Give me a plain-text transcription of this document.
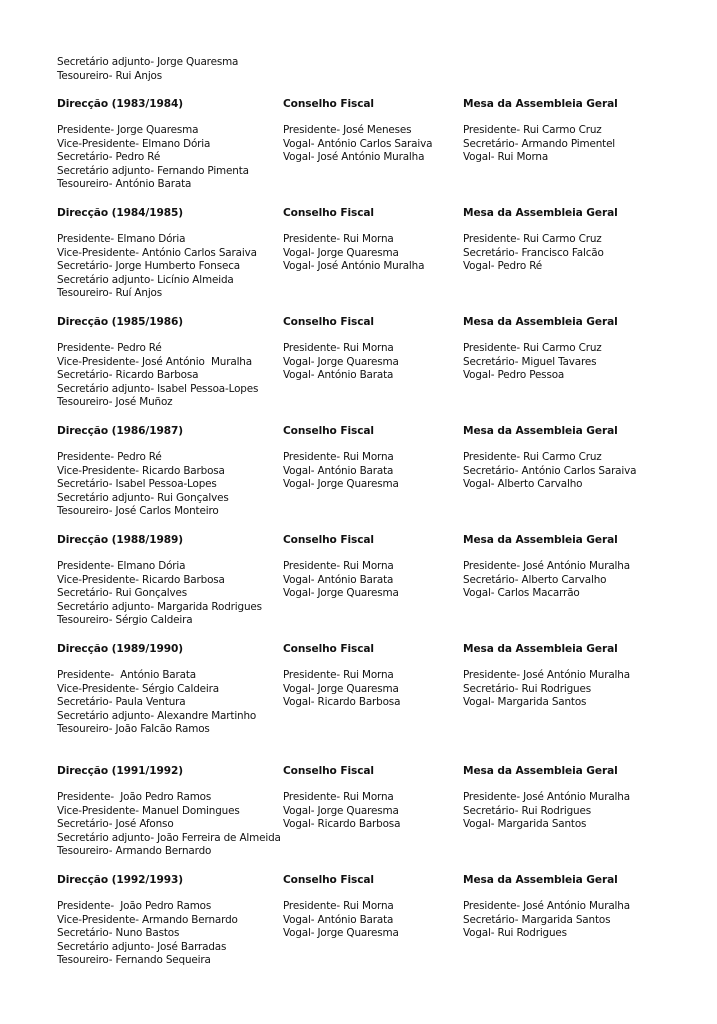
Secretário adjunto- Jorge Quaresma
Tesoureiro- Rui Anjos
Direcção (1983/1984)
Presidente- Jorge Quaresma
Vice-Presidente- Elmano Dória
Secretário- Pedro Ré
Secretário adjunto- Fernando Pimenta
Tesoureiro- António Barata
Conselho Fiscal
Presidente- José Meneses
Vogal- António Carlos Saraiva
Vogal- José António Muralha
Mesa da Assembleia Geral
Presidente- Rui Carmo Cruz
Secretário- Armando Pimentel
Vogal- Rui Morna
Direcção (1984/1985)
Presidente- Elmano Dória
Vice-Presidente- António Carlos Saraiva
Secretário- Jorge Humberto Fonseca
Secretário adjunto- Licínio Almeida
Tesoureiro- Ruí Anjos
Conselho Fiscal
Presidente- Rui Morna
Vogal- Jorge Quaresma
Vogal- José António Muralha
Mesa da Assembleia Geral
Presidente- Rui Carmo Cruz
Secretário- Francisco Falcão
Vogal- Pedro Ré
Direcção (1985/1986)
Presidente- Pedro Ré
Vice-Presidente- José António  Muralha
Secretário- Ricardo Barbosa
Secretário adjunto- Isabel Pessoa-Lopes
Tesoureiro- José Muñoz
Conselho Fiscal
Presidente- Rui Morna
Vogal- Jorge Quaresma
Vogal- António Barata
Mesa da Assembleia Geral
Presidente- Rui Carmo Cruz
Secretário- Miguel Tavares
Vogal- Pedro Pessoa
Direcção (1986/1987)
Presidente- Pedro Ré
Vice-Presidente- Ricardo Barbosa
Secretário- Isabel Pessoa-Lopes
Secretário adjunto- Rui Gonçalves
Tesoureiro- José Carlos Monteiro
Conselho Fiscal
Presidente- Rui Morna
Vogal- António Barata
Vogal- Jorge Quaresma
Mesa da Assembleia Geral
Presidente- Rui Carmo Cruz
Secretário- António Carlos Saraiva
Vogal- Alberto Carvalho
Direcção (1988/1989)
Presidente- Elmano Dória
Vice-Presidente- Ricardo Barbosa
Secretário- Rui Gonçalves
Secretário adjunto- Margarida Rodrigues
Tesoureiro- Sérgio Caldeira
Conselho Fiscal
Presidente- Rui Morna
Vogal- António Barata
Vogal- Jorge Quaresma
Mesa da Assembleia Geral
Presidente- José António Muralha
Secretário- Alberto Carvalho
Vogal- Carlos Macarrão
Direcção (1989/1990)
Presidente-  António Barata
Vice-Presidente- Sérgio Caldeira
Secretário- Paula Ventura
Secretário adjunto- Alexandre Martinho
Tesoureiro- João Falcão Ramos
Conselho Fiscal
Presidente- Rui Morna
Vogal- Jorge Quaresma
Vogal- Ricardo Barbosa
Mesa da Assembleia Geral
Presidente- José António Muralha
Secretário- Rui Rodrigues
Vogal- Margarida Santos
Direcção (1991/1992)
Presidente-  João Pedro Ramos
Vice-Presidente- Manuel Domingues
Secretário- José Afonso
Secretário adjunto- João Ferreira de Almeida
Tesoureiro- Armando Bernardo
Conselho Fiscal
Presidente- Rui Morna
Vogal- Jorge Quaresma
Vogal- Ricardo Barbosa
Mesa da Assembleia Geral
Presidente- José António Muralha
Secretário- Rui Rodrigues
Vogal- Margarida Santos
Direcção (1992/1993)
Presidente-  João Pedro Ramos
Vice-Presidente- Armando Bernardo
Secretário- Nuno Bastos
Secretário adjunto- José Barradas
Tesoureiro- Fernando Sequeira
Conselho Fiscal
Presidente- Rui Morna
Vogal- António Barata
Vogal- Jorge Quaresma
Mesa da Assembleia Geral
Presidente- José António Muralha
Secretário- Margarida Santos
Vogal- Rui Rodrigues
